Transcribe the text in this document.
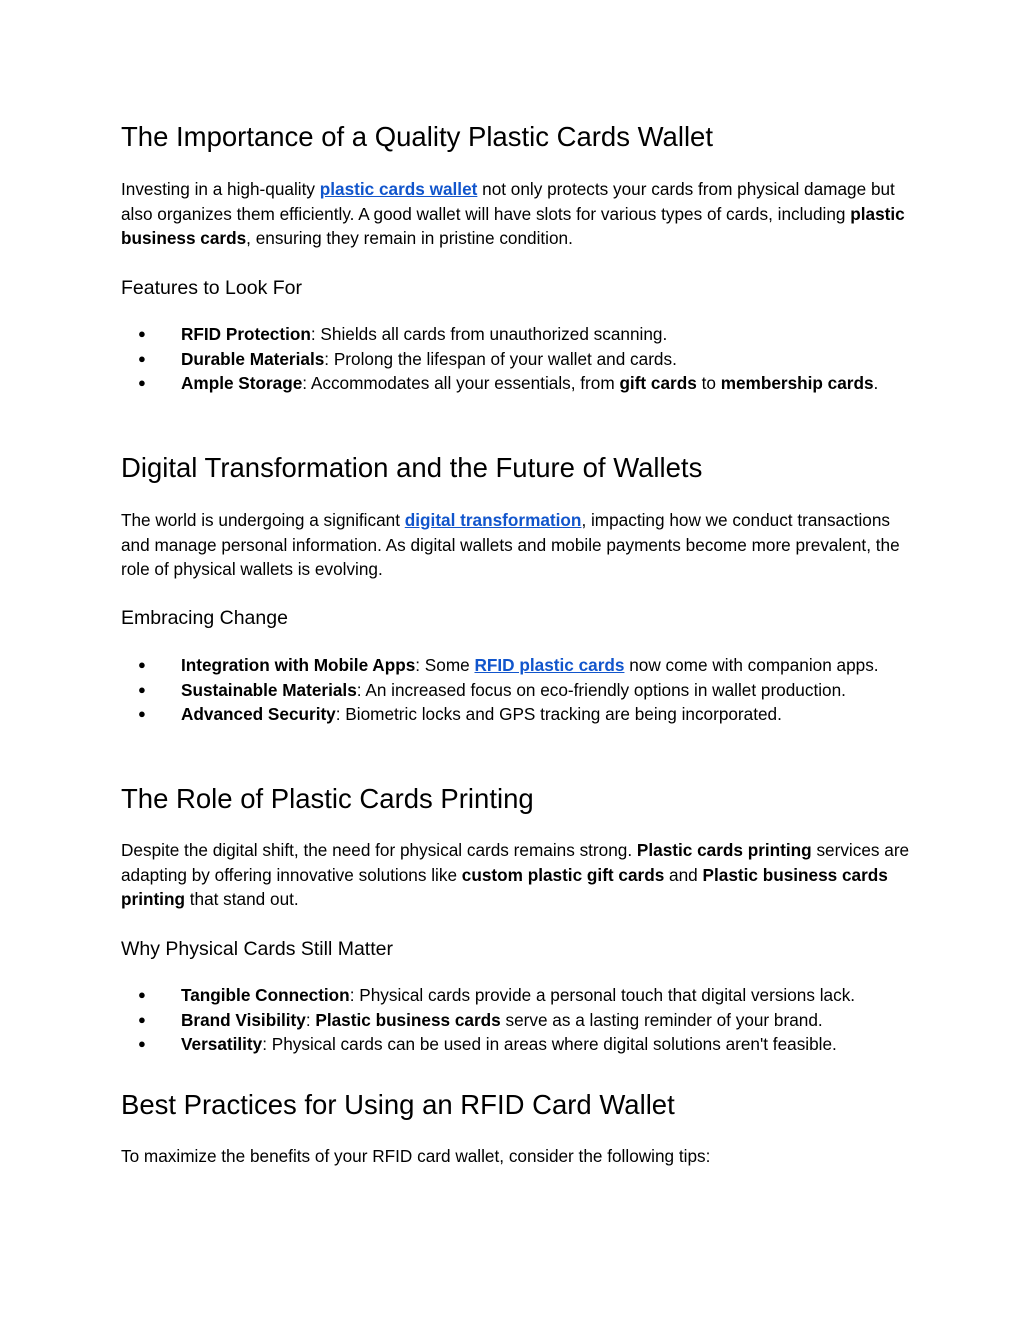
The Importance of a Quality Plastic Cards Wallet

Investing in a high-quality plastic cards wallet not only protects your cards from physical damage but also organizes them efficiently. A good wallet will have slots for various types of cards, including plastic business cards, ensuring they remain in pristine condition.

Features to Look For
● RFID Protection: Shields all cards from unauthorized scanning.
● Durable Materials: Prolong the lifespan of your wallet and cards.
● Ample Storage: Accommodates all your essentials, from gift cards to membership cards.
Digital Transformation and the Future of Wallets

The world is undergoing a significant digital transformation, impacting how we conduct transactions and manage personal information. As digital wallets and mobile payments become more prevalent, the role of physical wallets is evolving.

Embracing Change
● Integration with Mobile Apps: Some RFID plastic cards now come with companion apps.
● Sustainable Materials: An increased focus on eco-friendly options in wallet production.
● Advanced Security: Biometric locks and GPS tracking are being incorporated.
The Role of Plastic Cards Printing

Despite the digital shift, the need for physical cards remains strong. Plastic cards printing services are adapting by offering innovative solutions like custom plastic gift cards and Plastic business cards printing that stand out.

Why Physical Cards Still Matter
● Tangible Connection: Physical cards provide a personal touch that digital versions lack.
● Brand Visibility: Plastic business cards serve as a lasting reminder of your brand.
● Versatility: Physical cards can be used in areas where digital solutions aren't feasible.
Best Practices for Using an RFID Card Wallet

To maximize the benefits of your RFID card wallet, consider the following tips:
